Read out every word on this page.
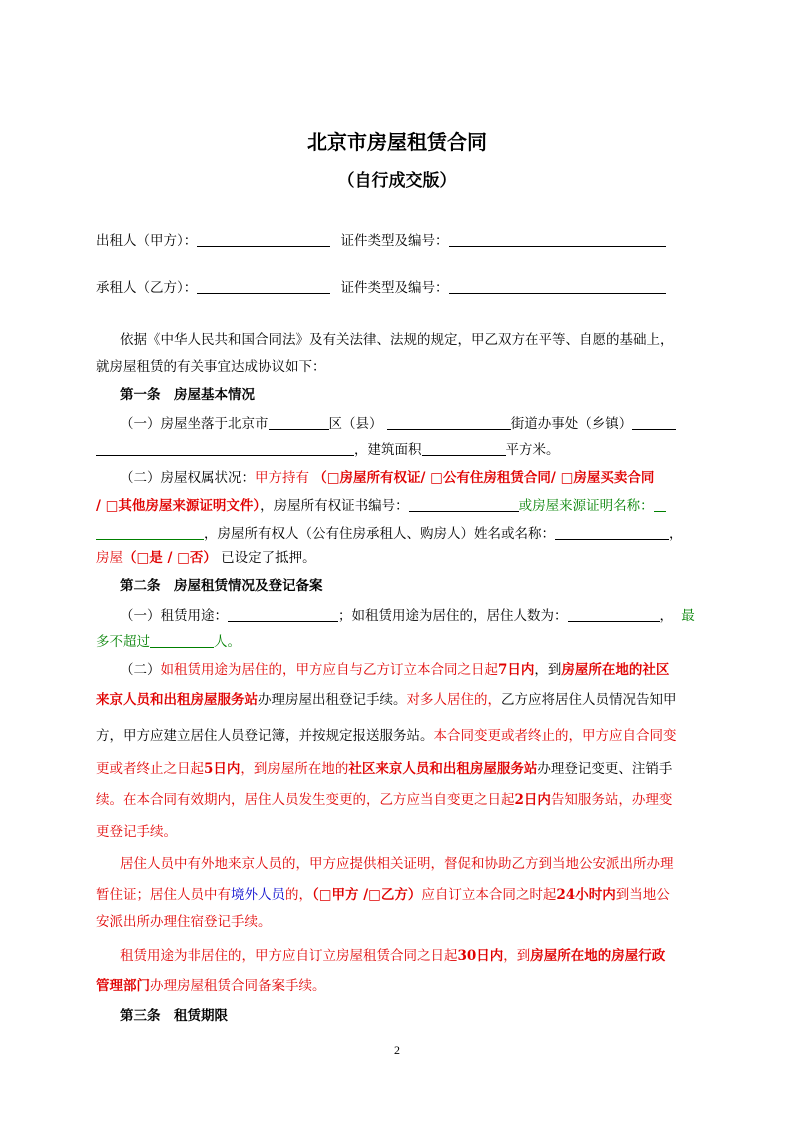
北京市房屋租赁合同
（自行成交版）
出租人（甲方）：	证件类型及编号：
承租人（乙方）：	证件类型及编号：
依据《中华人民共和国合同法》及有关法律、法规的规定，甲乙双方在平等、自愿的基础上，
就房屋租赁的有关事宜达成协议如下：
第一条　房屋基本情况
（一）房屋坐落于北京市	区（县）	街道办事处（乡镇）
，建筑面积	平方米。
（二）房屋权属状况：甲方持有 （□房屋所有权证/ □公有住房租赁合同/ □房屋买卖合同
/ □其他房屋来源证明文件），房屋所有权证书编号：	或房屋来源证明名称：
，房屋所有权人（公有住房承租人、购房人）姓名或名称：	，
房屋（□是 / □否） 已设定了抵押。
第二条　房屋租赁情况及登记备案
（一）租赁用途：	；如租赁用途为居住的，居住人数为：	， 最
多不超过	人。
（二）如租赁用途为居住的，甲方应自与乙方订立本合同之日起7日内，到房屋所在地的社区
来京人员和出租房屋服务站办理房屋出租登记手续。对多人居住的，乙方应将居住人员情况告知甲
方，甲方应建立居住人员登记簿，并按规定报送服务站。本合同变更或者终止的，甲方应自合同变
更或者终止之日起5日内，到房屋所在地的社区来京人员和出租房屋服务站办理登记变更、注销手
续。在本合同有效期内，居住人员发生变更的，乙方应当自变更之日起2日内告知服务站，办理变
更登记手续。
居住人员中有外地来京人员的，甲方应提供相关证明，督促和协助乙方到当地公安派出所办理
暂住证；居住人员中有境外人员的，（□甲方 /□乙方）应自订立本合同之时起24小时内到当地公
安派出所办理住宿登记手续。
租赁用途为非居住的，甲方应自订立房屋租赁合同之日起30日内，到房屋所在地的房屋行政
管理部门办理房屋租赁合同备案手续。
第三条　租赁期限
2
